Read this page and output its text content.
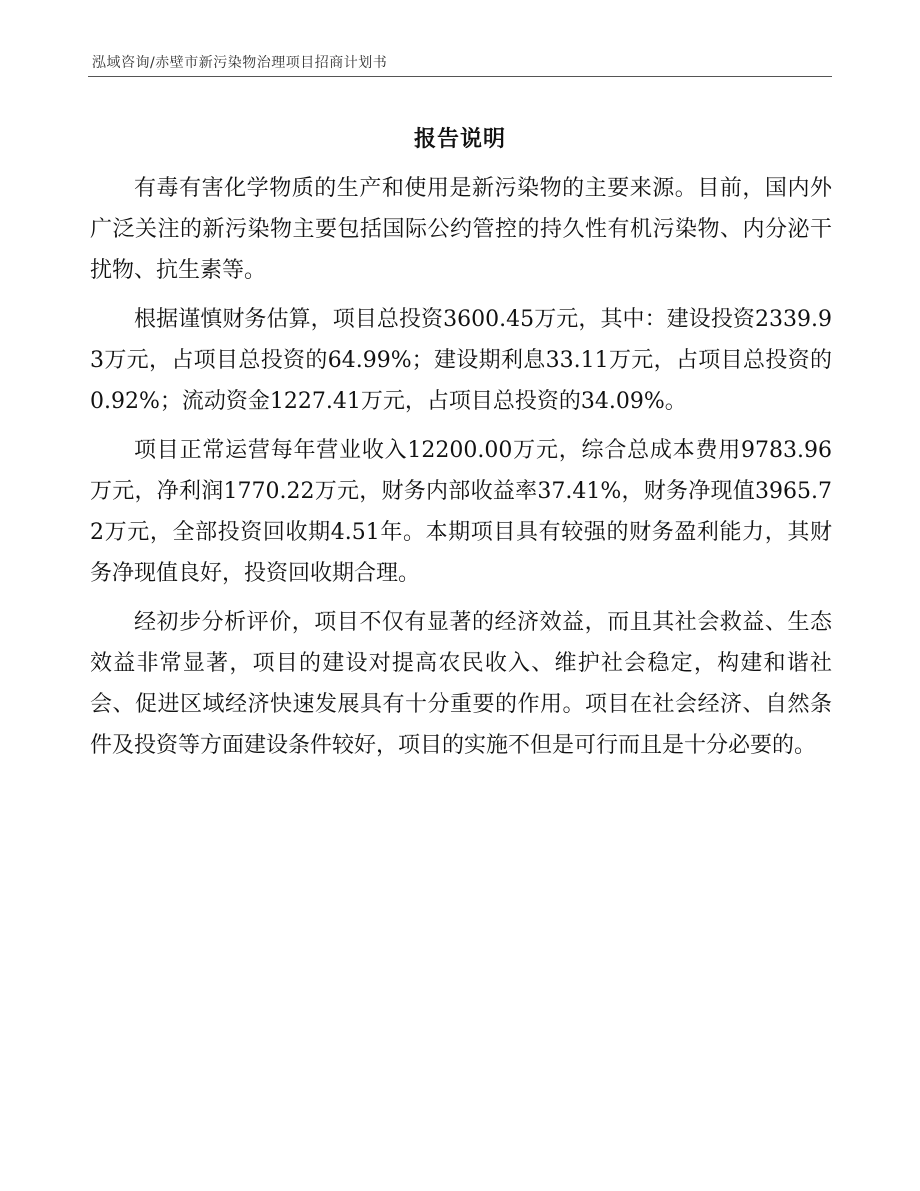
泓域咨询/赤壁市新污染物治理项目招商计划书
报告说明

有毒有害化学物质的生产和使用是新污染物的主要来源。目前，国内外广泛关注的新污染物主要包括国际公约管控的持久性有机污染物、内分泌干扰物、抗生素等。

根据谨慎财务估算，项目总投资3600.45万元，其中：建设投资2339.93万元，占项目总投资的64.99%；建设期利息33.11万元，占项目总投资的0.92%；流动资金1227.41万元，占项目总投资的34.09%。

项目正常运营每年营业收入12200.00万元，综合总成本费用9783.96万元，净利润1770.22万元，财务内部收益率37.41%，财务净现值3965.72万元，全部投资回收期4.51年。本期项目具有较强的财务盈利能力，其财务净现值良好，投资回收期合理。

经初步分析评价，项目不仅有显著的经济效益，而且其社会救益、生态效益非常显著，项目的建设对提高农民收入、维护社会稳定，构建和谐社会、促进区域经济快速发展具有十分重要的作用。项目在社会经济、自然条件及投资等方面建设条件较好，项目的实施不但是可行而且是十分必要的。
